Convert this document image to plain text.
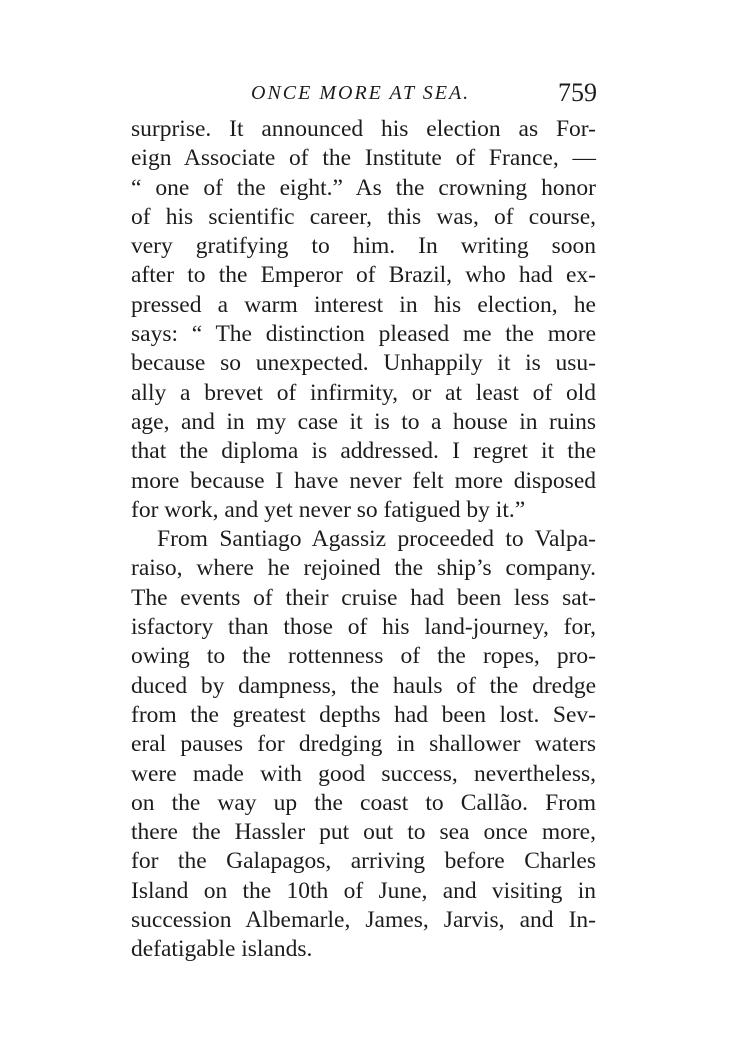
ONCE MORE AT SEA.	759
surprise. It announced his election as For-
eign Associate of the Institute of France, —
“ one of the eight.” As the crowning honor
of his scientific career, this was, of course,
very gratifying to him. In writing soon
after to the Emperor of Brazil, who had ex-
pressed a warm interest in his election, he
says: “ The distinction pleased me the more
because so unexpected. Unhappily it is usu-
ally a brevet of infirmity, or at least of old
age, and in my case it is to a house in ruins
that the diploma is addressed. I regret it the
more because I have never felt more disposed
for work, and yet never so fatigued by it.”
From Santiago Agassiz proceeded to Valpa-
raiso, where he rejoined the ship’s company.
The events of their cruise had been less sat-
isfactory than those of his land-journey, for,
owing to the rottenness of the ropes, pro-
duced by dampness, the hauls of the dredge
from the greatest depths had been lost. Sev-
eral pauses for dredging in shallower waters
were made with good success, nevertheless,
on the way up the coast to Callão. From
there the Hassler put out to sea once more,
for the Galapagos, arriving before Charles
Island on the 10th of June, and visiting in
succession Albemarle, James, Jarvis, and In-
defatigable islands.
